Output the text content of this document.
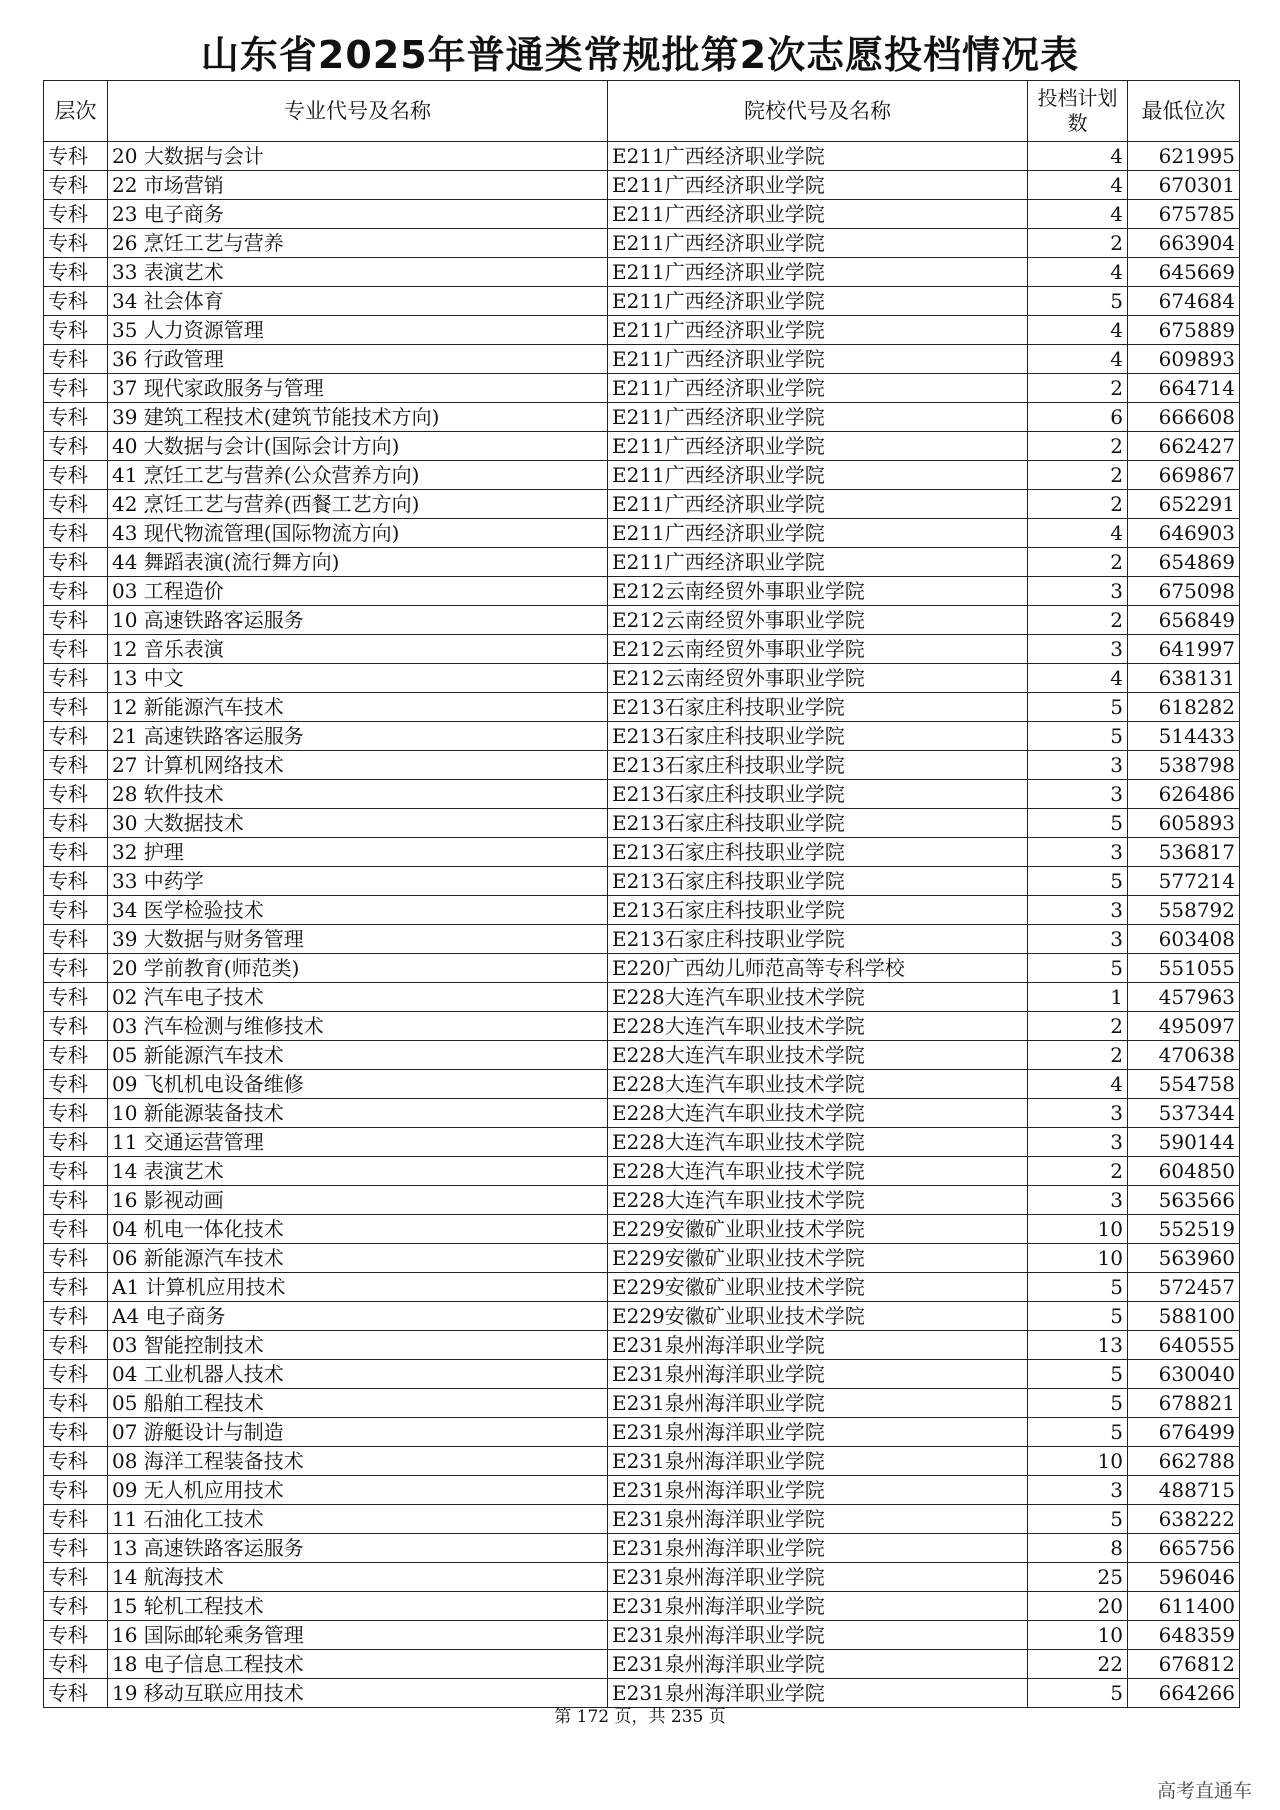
山东省2025年普通类常规批第2次志愿投档情况表
层次	专业代号及名称	院校代号及名称	投档计划数	最低位次
专科	20 大数据与会计	E211广西经济职业学院	4	621995
专科	22 市场营销	E211广西经济职业学院	4	670301
专科	23 电子商务	E211广西经济职业学院	4	675785
专科	26 烹饪工艺与营养	E211广西经济职业学院	2	663904
专科	33 表演艺术	E211广西经济职业学院	4	645669
专科	34 社会体育	E211广西经济职业学院	5	674684
专科	35 人力资源管理	E211广西经济职业学院	4	675889
专科	36 行政管理	E211广西经济职业学院	4	609893
专科	37 现代家政服务与管理	E211广西经济职业学院	2	664714
专科	39 建筑工程技术(建筑节能技术方向)	E211广西经济职业学院	6	666608
专科	40 大数据与会计(国际会计方向)	E211广西经济职业学院	2	662427
专科	41 烹饪工艺与营养(公众营养方向)	E211广西经济职业学院	2	669867
专科	42 烹饪工艺与营养(西餐工艺方向)	E211广西经济职业学院	2	652291
专科	43 现代物流管理(国际物流方向)	E211广西经济职业学院	4	646903
专科	44 舞蹈表演(流行舞方向)	E211广西经济职业学院	2	654869
专科	03 工程造价	E212云南经贸外事职业学院	3	675098
专科	10 高速铁路客运服务	E212云南经贸外事职业学院	2	656849
专科	12 音乐表演	E212云南经贸外事职业学院	3	641997
专科	13 中文	E212云南经贸外事职业学院	4	638131
专科	12 新能源汽车技术	E213石家庄科技职业学院	5	618282
专科	21 高速铁路客运服务	E213石家庄科技职业学院	5	514433
专科	27 计算机网络技术	E213石家庄科技职业学院	3	538798
专科	28 软件技术	E213石家庄科技职业学院	3	626486
专科	30 大数据技术	E213石家庄科技职业学院	5	605893
专科	32 护理	E213石家庄科技职业学院	3	536817
专科	33 中药学	E213石家庄科技职业学院	5	577214
专科	34 医学检验技术	E213石家庄科技职业学院	3	558792
专科	39 大数据与财务管理	E213石家庄科技职业学院	3	603408
专科	20 学前教育(师范类)	E220广西幼儿师范高等专科学校	5	551055
专科	02 汽车电子技术	E228大连汽车职业技术学院	1	457963
专科	03 汽车检测与维修技术	E228大连汽车职业技术学院	2	495097
专科	05 新能源汽车技术	E228大连汽车职业技术学院	2	470638
专科	09 飞机机电设备维修	E228大连汽车职业技术学院	4	554758
专科	10 新能源装备技术	E228大连汽车职业技术学院	3	537344
专科	11 交通运营管理	E228大连汽车职业技术学院	3	590144
专科	14 表演艺术	E228大连汽车职业技术学院	2	604850
专科	16 影视动画	E228大连汽车职业技术学院	3	563566
专科	04 机电一体化技术	E229安徽矿业职业技术学院	10	552519
专科	06 新能源汽车技术	E229安徽矿业职业技术学院	10	563960
专科	A1 计算机应用技术	E229安徽矿业职业技术学院	5	572457
专科	A4 电子商务	E229安徽矿业职业技术学院	5	588100
专科	03 智能控制技术	E231泉州海洋职业学院	13	640555
专科	04 工业机器人技术	E231泉州海洋职业学院	5	630040
专科	05 船舶工程技术	E231泉州海洋职业学院	5	678821
专科	07 游艇设计与制造	E231泉州海洋职业学院	5	676499
专科	08 海洋工程装备技术	E231泉州海洋职业学院	10	662788
专科	09 无人机应用技术	E231泉州海洋职业学院	3	488715
专科	11 石油化工技术	E231泉州海洋职业学院	5	638222
专科	13 高速铁路客运服务	E231泉州海洋职业学院	8	665756
专科	14 航海技术	E231泉州海洋职业学院	25	596046
专科	15 轮机工程技术	E231泉州海洋职业学院	20	611400
专科	16 国际邮轮乘务管理	E231泉州海洋职业学院	10	648359
专科	18 电子信息工程技术	E231泉州海洋职业学院	22	676812
专科	19 移动互联应用技术	E231泉州海洋职业学院	5	664266
第 172 页，共 235 页
高考直通车
